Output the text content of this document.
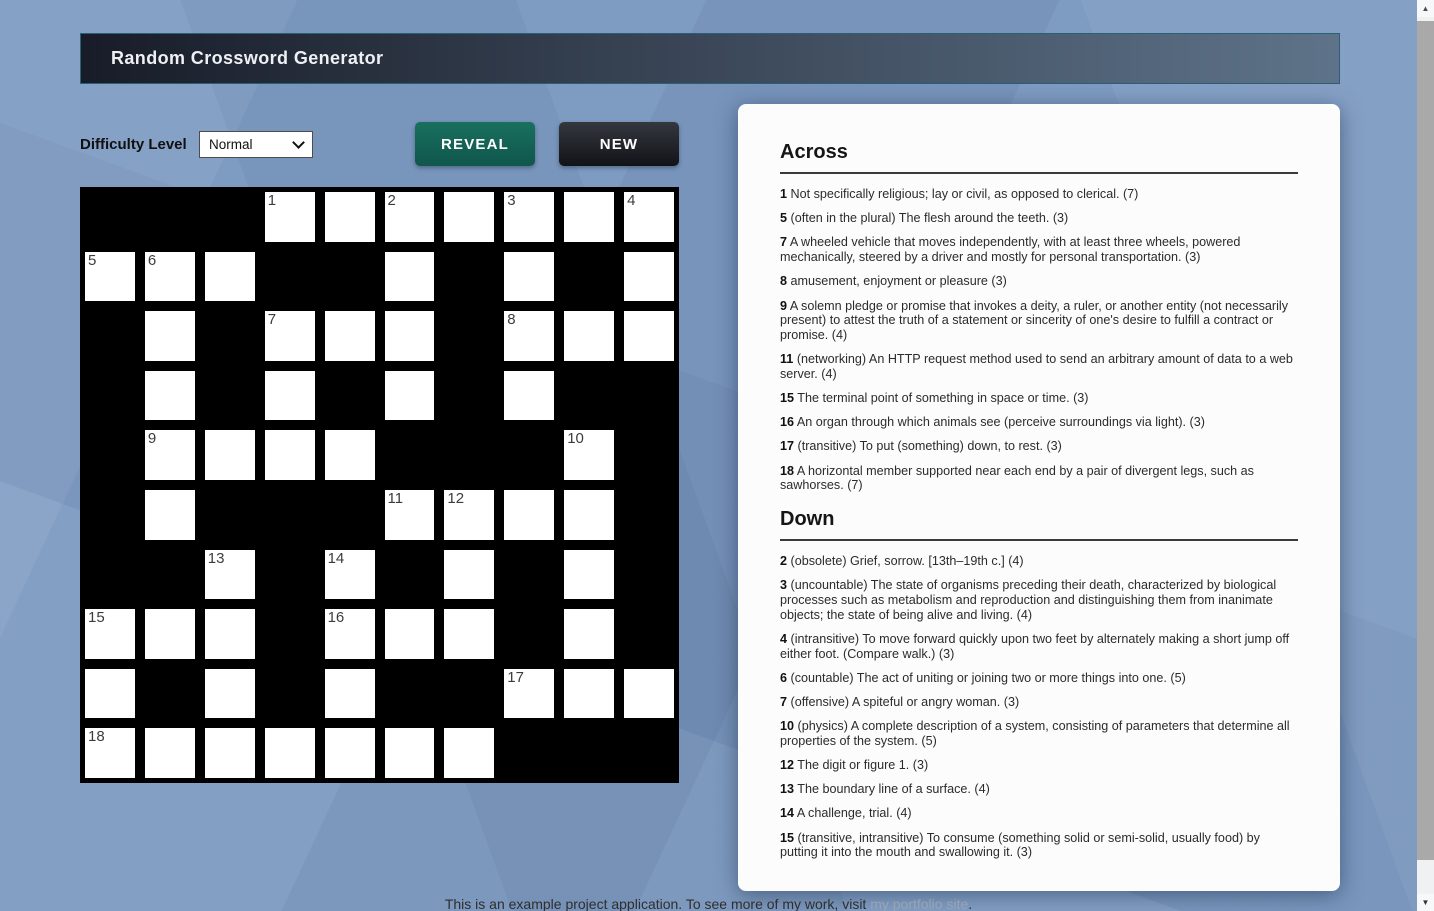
Random Crossword Generator
Difficulty Level Normal	REVEAL	NEW
1	2	3	4
5	6
7	8
9	10
11	12
13	14
15	16
17
18
Across

1 Not specifically religious; lay or civil, as opposed to clerical. (7)

5 (often in the plural) The flesh around the teeth. (3)

7 A wheeled vehicle that moves independently, with at least three wheels, powered mechanically, steered by a driver and mostly for personal transportation. (3)

8 amusement, enjoyment or pleasure (3)

9 A solemn pledge or promise that invokes a deity, a ruler, or another entity (not necessarily present) to attest the truth of a statement or sincerity of one's desire to fulfill a contract or promise. (4)

11 (networking) An HTTP request method used to send an arbitrary amount of data to a web server. (4)

15 The terminal point of something in space or time. (3)

16 An organ through which animals see (perceive surroundings via light). (3)

17 (transitive) To put (something) down, to rest. (3)

18 A horizontal member supported near each end by a pair of divergent legs, such as sawhorses. (7)

Down

2 (obsolete) Grief, sorrow. [13th–19th c.] (4)

3 (uncountable) The state of organisms preceding their death, characterized by biological processes such as metabolism and reproduction and distinguishing them from inanimate objects; the state of being alive and living. (4)

4 (intransitive) To move forward quickly upon two feet by alternately making a short jump off either foot. (Compare walk.) (3)

6 (countable) The act of uniting or joining two or more things into one. (5)

7 (offensive) A spiteful or angry woman. (3)

10 (physics) A complete description of a system, consisting of parameters that determine all properties of the system. (5)

12 The digit or figure 1. (3)

13 The boundary line of a surface. (4)

14 A challenge, trial. (4)

15 (transitive, intransitive) To consume (something solid or semi-solid, usually food) by putting it into the mouth and swallowing it. (3)

This is an example project application. To see more of my work, visit my portfolio site.
▲
▼
